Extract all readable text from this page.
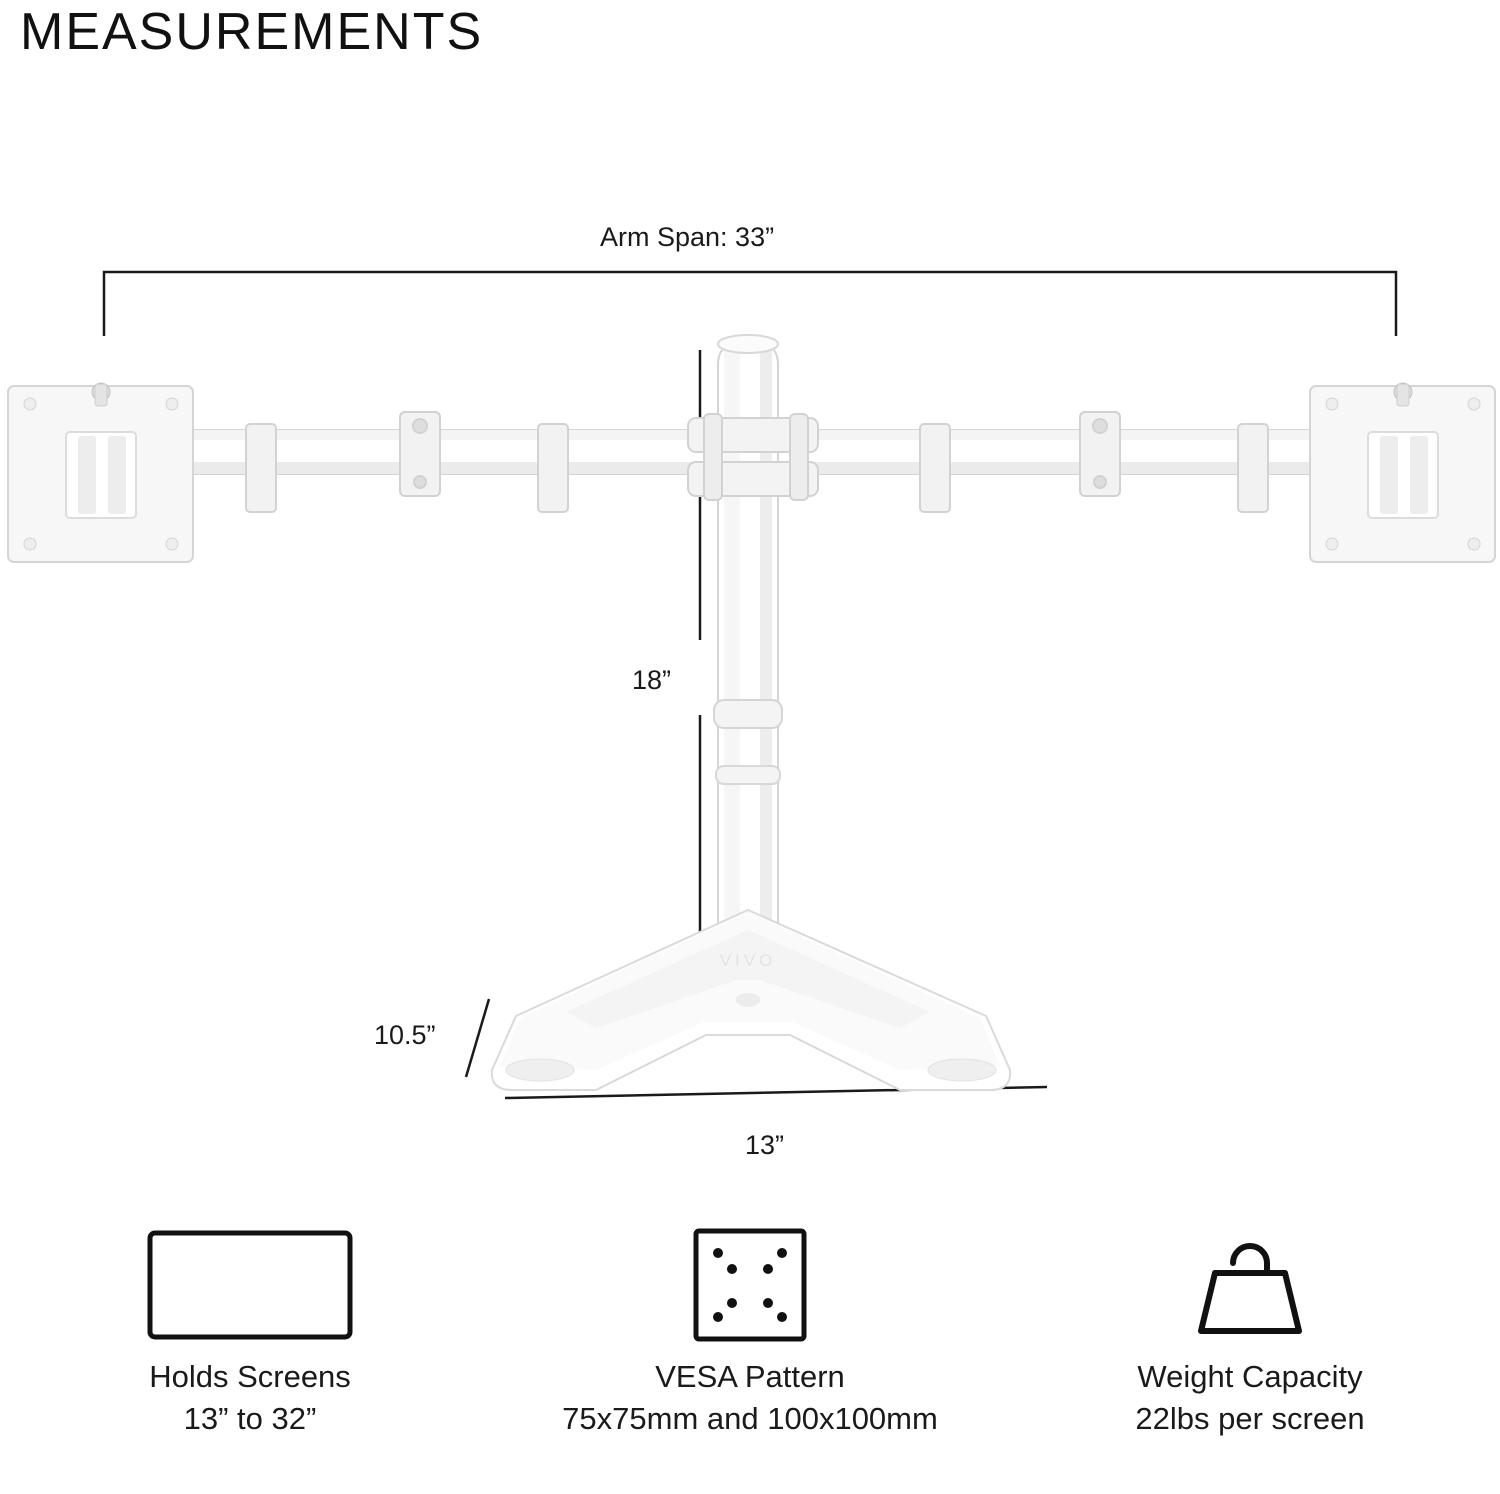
MEASUREMENTS
VIVO
Arm Span: 33”
18”
10.5”
13”
Holds Screens
13” to 32”
VESA Pattern
75x75mm and 100x100mm
Weight Capacity
22lbs per screen
